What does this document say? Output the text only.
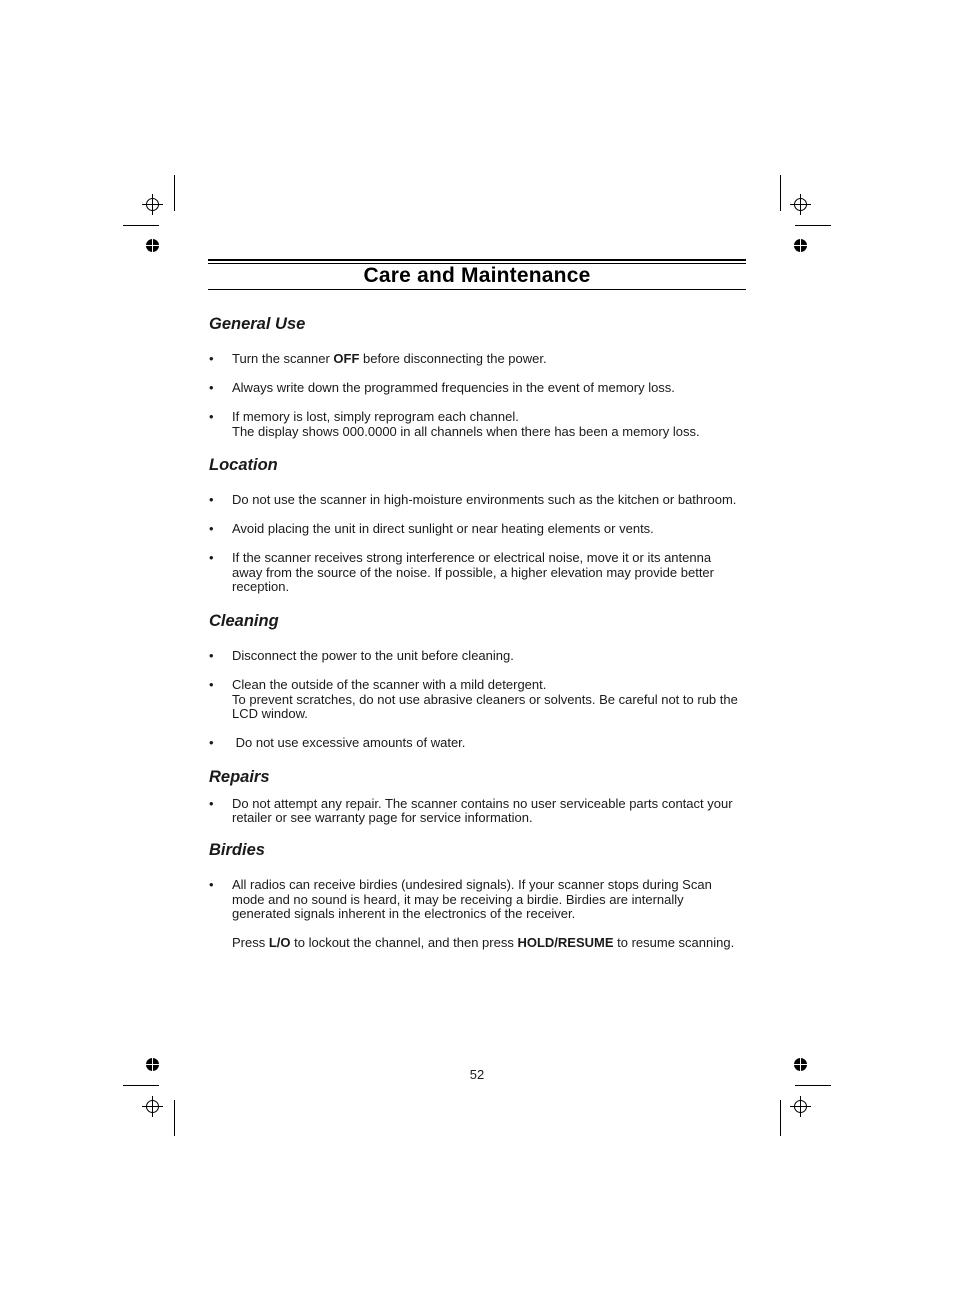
Care and Maintenance
General Use
• Turn the scanner OFF before disconnecting the power.

• Always write down the programmed frequencies in the event of memory loss.

• If memory is lost, simply reprogram each channel.

The display shows 000.0000 in all channels when there has been a memory loss.

Location
• Do not use the scanner in high-moisture environments such as the kitchen or bathroom.

• Avoid placing the unit in direct sunlight or near heating elements or vents.

• If the scanner receives strong interference or electrical noise, move it or its antenna away from the source of the noise. If possible, a higher elevation may provide better reception.

Cleaning
• Disconnect the power to the unit before cleaning.

• Clean the outside of the scanner with a mild detergent.

To prevent scratches, do not use abrasive cleaners or solvents. Be careful not to rub the LCD window.

• Do not use excessive amounts of water.

Repairs
• Do not attempt any repair. The scanner contains no user serviceable parts contact your retailer or see warranty page for service information.

Birdies
• All radios can receive birdies (undesired signals). If your scanner stops during Scan mode and no sound is heard, it may be receiving a birdie. Birdies are internally generated signals inherent in the electronics of the receiver.

Press L/O to lockout the channel, and then press HOLD/RESUME to resume scanning.

52
